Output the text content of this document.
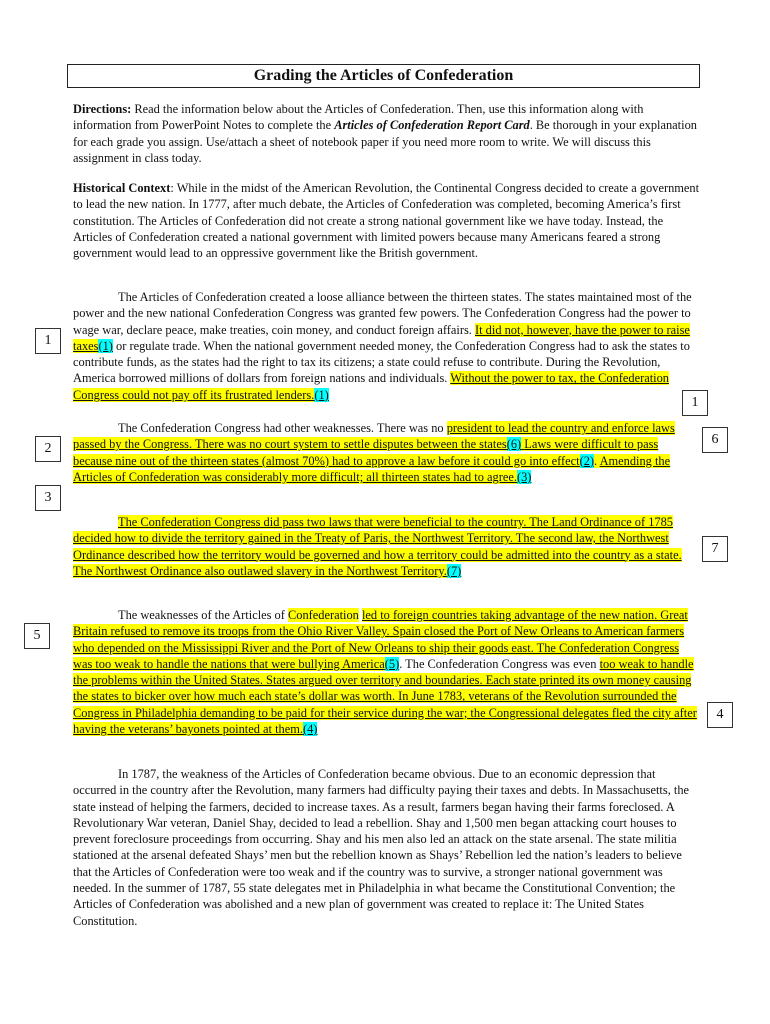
Grading the Articles of Confederation

Directions: Read the information below about the Articles of Confederation. Then, use this information along with information from PowerPoint Notes to complete the Articles of Confederation Report Card. Be thorough in your explanation for each grade you assign. Use/attach a sheet of notebook paper if you need more room to write. We will discuss this assignment in class today.

Historical Context: While in the midst of the American Revolution, the Continental Congress decided to create a government to lead the new nation. In 1777, after much debate, the Articles of Confederation was completed, becoming America’s first constitution. The Articles of Confederation did not create a strong national government like we have today. Instead, the Articles of Confederation created a national government with limited powers because many Americans feared a strong government would lead to an oppressive government like the British government.

The Articles of Confederation created a loose alliance between the thirteen states. The states maintained most of the power and the new national Confederation Congress was granted few powers. The Confederation Congress had the power to wage war, declare peace, make treaties, coin money, and conduct foreign affairs. It did not, however, have the power to raise taxes(1) or regulate trade. When the national government needed money, the Confederation Congress had to ask the states to contribute funds, as the states had the right to tax its citizens; a state could refuse to contribute. During the Revolution, America borrowed millions of dollars from foreign nations and individuals. Without the power to tax, the Confederation Congress could not pay off its frustrated lenders.(1)

The Confederation Congress had other weaknesses. There was no president to lead the country and enforce laws passed by the Congress. There was no court system to settle disputes between the states(6) Laws were difficult to pass because nine out of the thirteen states (almost 70%) had to approve a law before it could go into effect(2). Amending the Articles of Confederation was considerably more difficult; all thirteen states had to agree.(3)

The Confederation Congress did pass two laws that were beneficial to the country. The Land Ordinance of 1785 decided how to divide the territory gained in the Treaty of Paris, the Northwest Territory. The second law, the Northwest Ordinance described how the territory would be governed and how a territory could be admitted into the country as a state. The Northwest Ordinance also outlawed slavery in the Northwest Territory.(7)

The weaknesses of the Articles of Confederation led to foreign countries taking advantage of the new nation. Great Britain refused to remove its troops from the Ohio River Valley. Spain closed the Port of New Orleans to American farmers who depended on the Mississippi River and the Port of New Orleans to ship their goods east. The Confederation Congress was too weak to handle the nations that were bullying America(5). The Confederation Congress was even too weak to handle the problems within the United States. States argued over territory and boundaries. Each state printed its own money causing the states to bicker over how much each state’s dollar was worth. In June 1783, veterans of the Revolution surrounded the Congress in Philadelphia demanding to be paid for their service during the war; the Congressional delegates fled the city after having the veterans’ bayonets pointed at them.(4)

In 1787, the weakness of the Articles of Confederation became obvious. Due to an economic depression that occurred in the country after the Revolution, many farmers had difficulty paying their taxes and debts. In Massachusetts, the state instead of helping the farmers, decided to increase taxes. As a result, farmers began having their farms foreclosed. A Revolutionary War veteran, Daniel Shay, decided to lead a rebellion. Shay and 1,500 men began attacking court houses to prevent foreclosure proceedings from occurring. Shay and his men also led an attack on the state arsenal. The state militia stationed at the arsenal defeated Shays’ men but the rebellion known as Shays’ Rebellion led the nation’s leaders to believe that the Articles of Confederation were too weak and if the country was to survive, a stronger national government was needed. In the summer of 1787, 55 state delegates met in Philadelphia in what became the Constitutional Convention; the Articles of Confederation was abolished and a new plan of government was created to replace it: The United States Constitution.

1
2
3
5
1
6
7
4
